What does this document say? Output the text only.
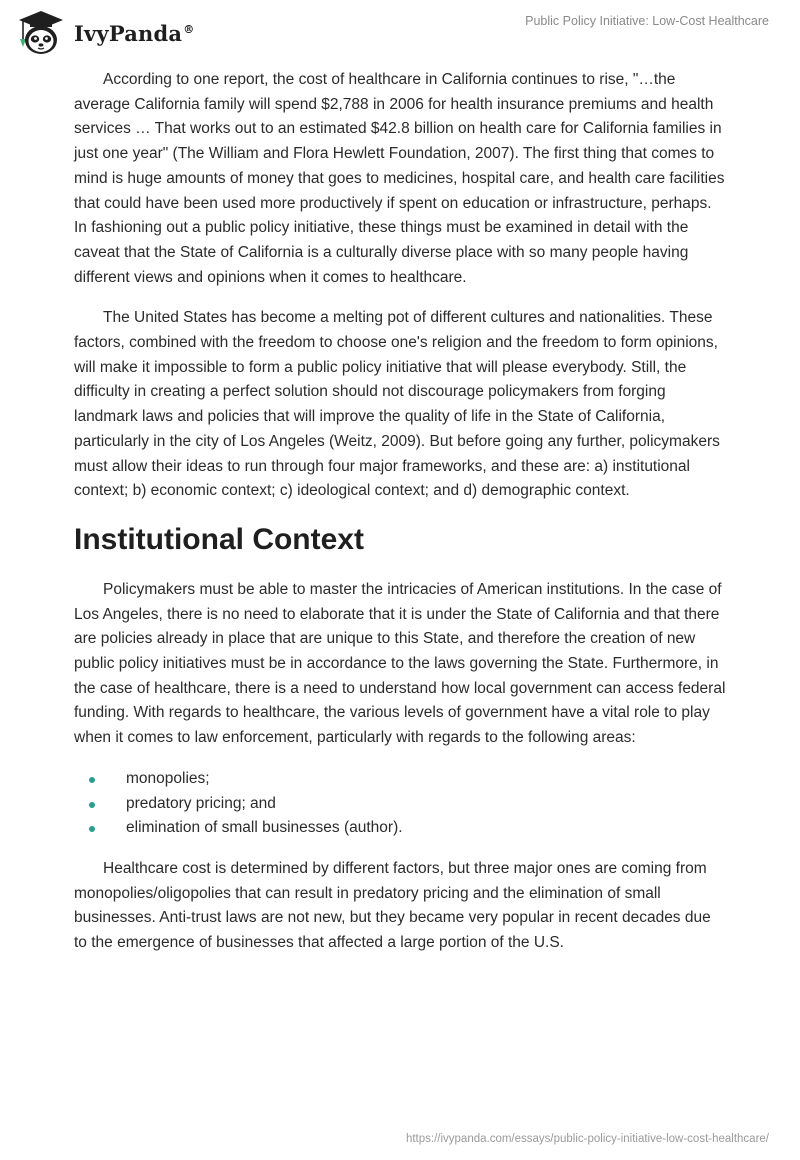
IvyPanda®
Public Policy Initiative: Low-Cost Healthcare

According to one report, the cost of healthcare in California continues to rise, "…the average California family will spend $2,788 in 2006 for health insurance premiums and health services … That works out to an estimated $42.8 billion on health care for California families in just one year" (The William and Flora Hewlett Foundation, 2007). The first thing that comes to mind is huge amounts of money that goes to medicines, hospital care, and health care facilities that could have been used more productively if spent on education or infrastructure, perhaps. In fashioning out a public policy initiative, these things must be examined in detail with the caveat that the State of California is a culturally diverse place with so many people having different views and opinions when it comes to healthcare.

The United States has become a melting pot of different cultures and nationalities. These factors, combined with the freedom to choose one's religion and the freedom to form opinions, will make it impossible to form a public policy initiative that will please everybody. Still, the difficulty in creating a perfect solution should not discourage policymakers from forging landmark laws and policies that will improve the quality of life in the State of California, particularly in the city of Los Angeles (Weitz, 2009). But before going any further, policymakers must allow their ideas to run through four major frameworks, and these are: a) institutional context; b) economic context; c) ideological context; and d) demographic context.

Institutional Context

Policymakers must be able to master the intricacies of American institutions. In the case of Los Angeles, there is no need to elaborate that it is under the State of California and that there are policies already in place that are unique to this State, and therefore the creation of new public policy initiatives must be in accordance to the laws governing the State. Furthermore, in the case of healthcare, there is a need to understand how local government can access federal funding. With regards to healthcare, the various levels of government have a vital role to play when it comes to law enforcement, particularly with regards to the following areas:

monopolies;
predatory pricing; and
elimination of small businesses (author).

Healthcare cost is determined by different factors, but three major ones are coming from monopolies/oligopolies that can result in predatory pricing and the elimination of small businesses. Anti-trust laws are not new, but they became very popular in recent decades due to the emergence of businesses that affected a large portion of the U.S.

https://ivypanda.com/essays/public-policy-initiative-low-cost-healthcare/
